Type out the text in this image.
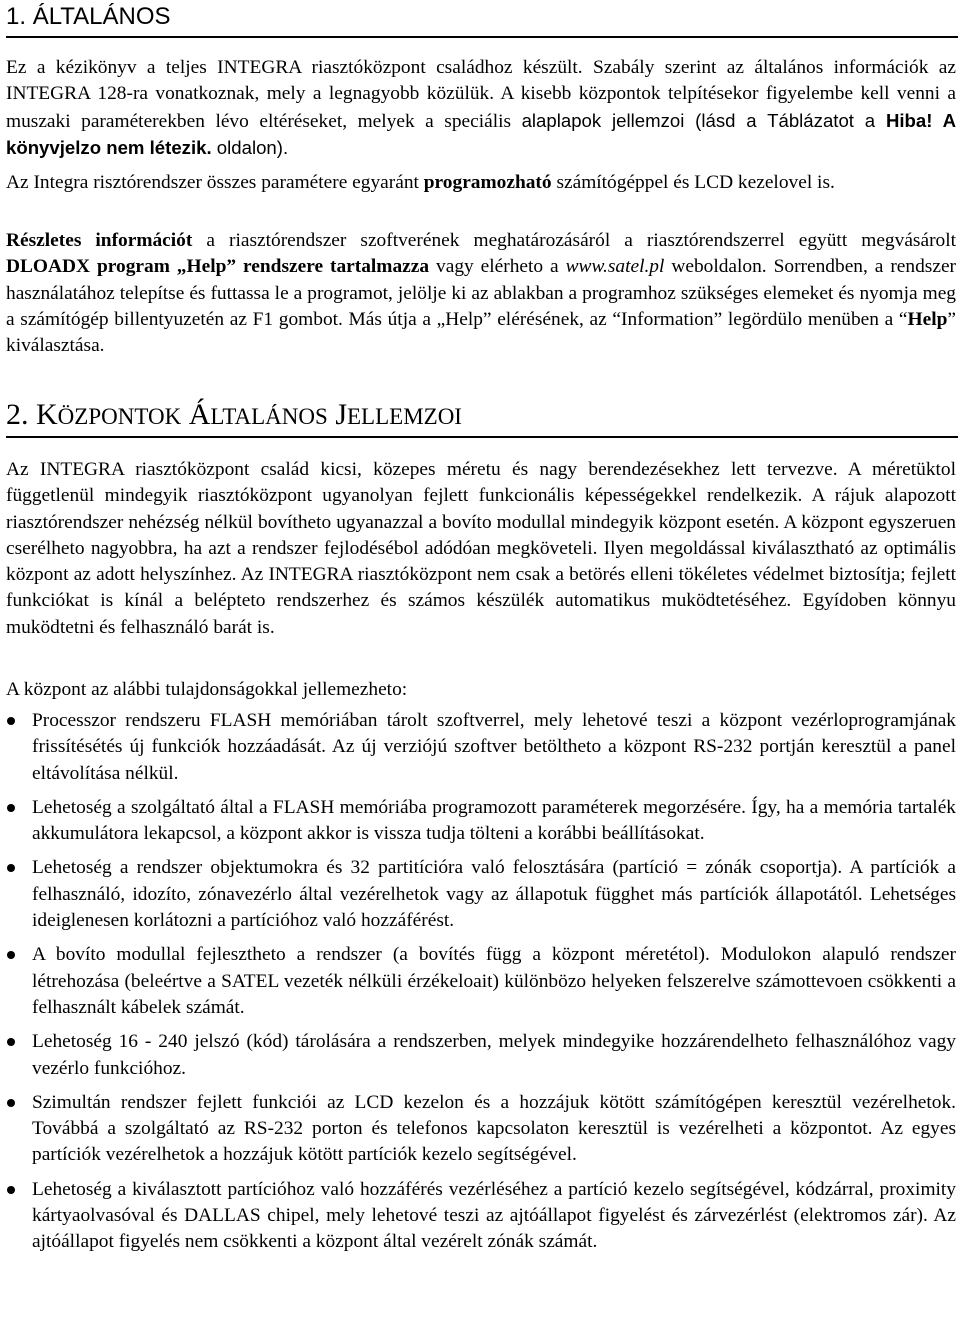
1. ÁLTALÁNOS

Ez a kézikönyv a teljes INTEGRA riasztóközpont családhoz készült. Szabály szerint az általános információk az INTEGRA 128-ra vonatkoznak, mely a legnagyobb közülük. A kisebb központok telpítésekor figyelembe kell venni a muszaki paraméterekben lévo eltéréseket, melyek a speciális alaplapok jellemzoi (lásd a Táblázatot a Hiba! A könyvjelzo nem létezik. oldalon).

Az Integra risztórendszer összes paramétere egyaránt programozható számítógéppel és LCD kezelovel is.

Részletes információt a riasztórendszer szoftverének meghatározásáról a riasztórendszerrel együtt megvásárolt DLOADX program „Help” rendszere tartalmazza vagy elérheto a www.satel.pl weboldalon. Sorrendben, a rendszer használatához telepítse és futtassa le a programot, jelölje ki az ablakban a programhoz szükséges elemeket és nyomja meg a számítógép billentyuzetén az F1 gombot. Más útja a „Help” elérésének, az “Information” legördülo menüben a “Help” kiválasztása.

2. KÖZPONTOK ÁLTALÁNOS JELLEMZOI

Az INTEGRA riasztóközpont család kicsi, közepes méretu és nagy berendezésekhez lett tervezve. A méretüktol függetlenül mindegyik riasztóközpont ugyanolyan fejlett funkcionális képességekkel rendelkezik. A rájuk alapozott riasztórendszer nehézség nélkül bovítheto ugyanazzal a bovíto modullal mindegyik központ esetén. A központ egyszeruen cserélheto nagyobbra, ha azt a rendszer fejlodésébol adódóan megköveteli. Ilyen megoldással kiválasztható az optimális központ az adott helyszínhez. Az INTEGRA riasztóközpont nem csak a betörés elleni tökéletes védelmet biztosítja; fejlett funkciókat is kínál a belépteto rendszerhez és számos készülék automatikus muködtetéséhez. Egyídoben könnyu muködtetni és felhasználó barát is.

A központ az alábbi tulajdonságokkal jellemezheto:

Processzor rendszeru FLASH memóriában tárolt szoftverrel, mely lehetové teszi a központ vezérloprogramjának frissítésétés új funkciók hozzáadását. Az új verziójú szoftver betöltheto a központ RS-232 portján keresztül a panel eltávolítása nélkül.
Lehetoség a szolgáltató által a FLASH memóriába programozott paraméterek megorzésére. Így, ha a memória tartalék akkumulátora lekapcsol, a központ akkor is vissza tudja tölteni a korábbi beállításokat.
Lehetoség a rendszer objektumokra és 32 partitícióra való felosztására (partíció = zónák csoportja). A partíciók a felhasználó, idozíto, zónavezérlo által vezérelhetok vagy az állapotuk függhet más partíciók állapotától. Lehetséges ideiglenesen korlátozni a partícióhoz való hozzáférést.
A bovíto modullal fejlesztheto a rendszer (a bovítés függ a központ méretétol). Modulokon alapuló rendszer létrehozása (beleértve a SATEL vezeték nélküli érzékeloait) különbözo helyeken felszerelve számottevoen csökkenti a felhasznált kábelek számát.
Lehetoség 16 - 240 jelszó (kód) tárolására a rendszerben, melyek mindegyike hozzárendelheto felhasználóhoz vagy vezérlo funkcióhoz.
Szimultán rendszer fejlett funkciói az LCD kezelon és a hozzájuk kötött számítógépen keresztül vezérelhetok. Továbbá a szolgáltató az RS-232 porton és telefonos kapcsolaton keresztül is vezérelheti a központot. Az egyes partíciók vezérelhetok a hozzájuk kötött partíciók kezelo segítségével.
Lehetoség a kiválasztott partícióhoz való hozzáférés vezérléséhez a partíció kezelo segítségével, kódzárral, proximity kártyaolvasóval és DALLAS chipel, mely lehetové teszi az ajtóállapot figyelést és zárvezérlést (elektromos zár). Az ajtóállapot figyelés nem csökkenti a központ által vezérelt zónák számát.
